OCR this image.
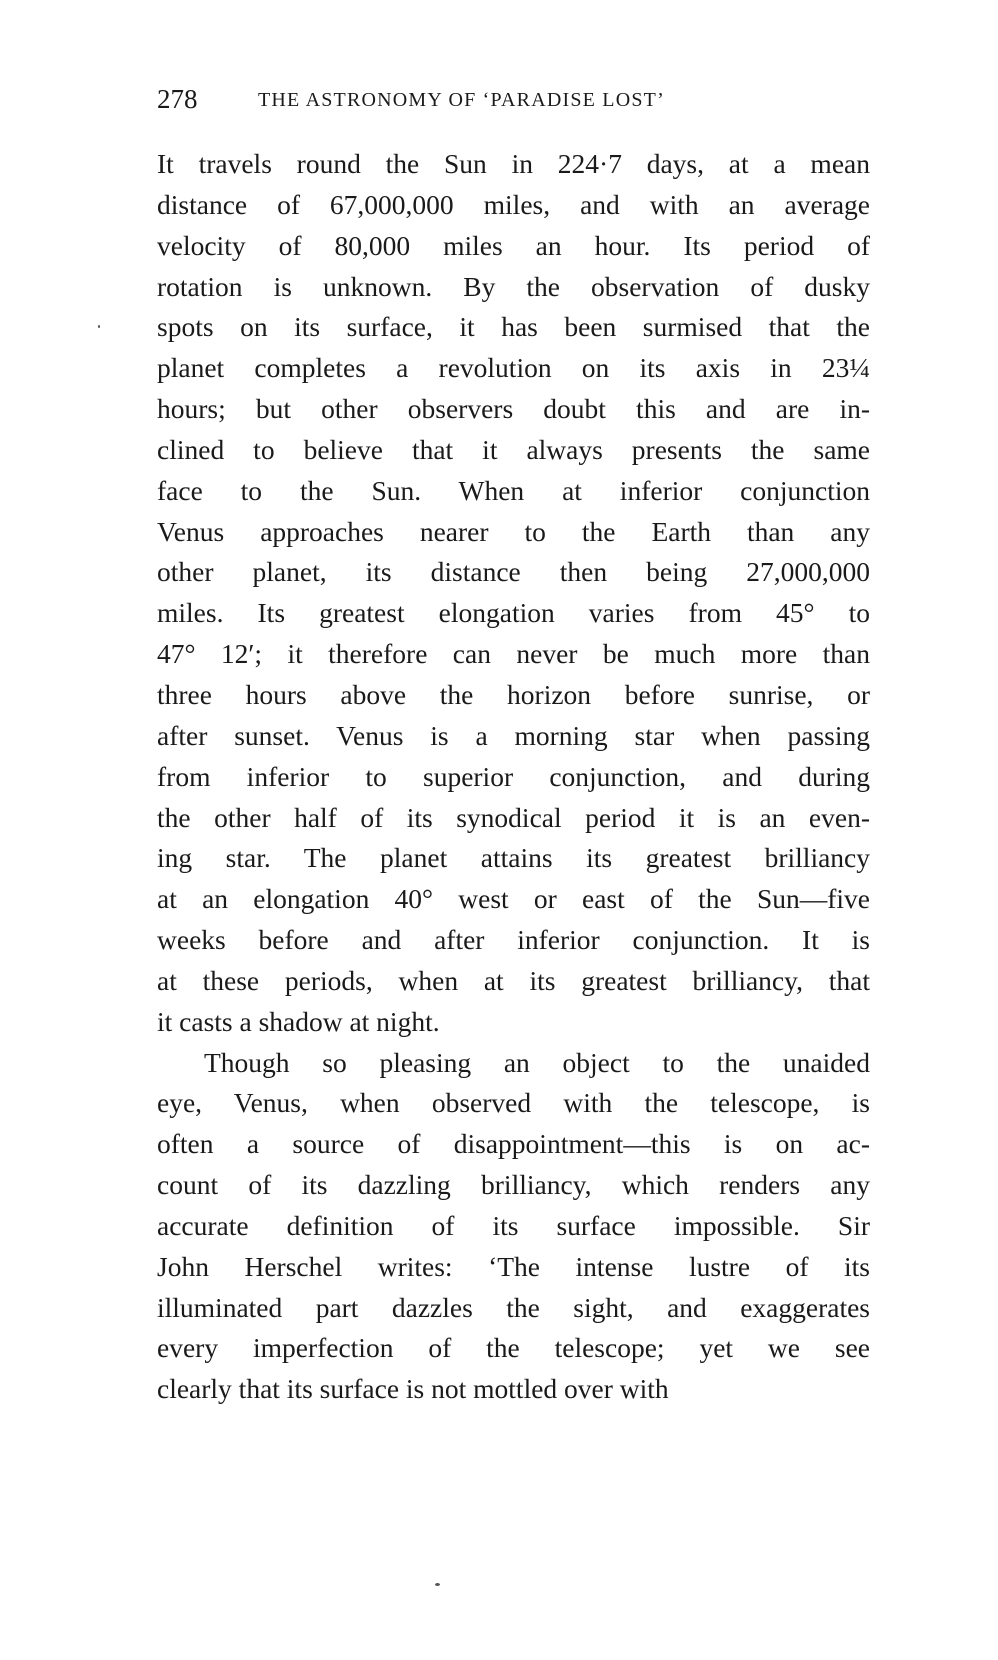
278	THE ASTRONOMY OF ‘PARADISE LOST’
It travels round the Sun in 224·7 days, at a mean
distance of 67,000,000 miles, and with an average
velocity of 80,000 miles an hour. Its period of
rotation is unknown. By the observation of dusky
spots on its surface, it has been surmised that the
planet completes a revolution on its axis in 23¼
hours; but other observers doubt this and are in-
clined to believe that it always presents the same
face to the Sun. When at inferior conjunction
Venus approaches nearer to the Earth than any
other planet, its distance then being 27,000,000
miles. Its greatest elongation varies from 45° to
47° 12′; it therefore can never be much more than
three hours above the horizon before sunrise, or
after sunset. Venus is a morning star when passing
from inferior to superior conjunction, and during
the other half of its synodical period it is an even-
ing star. The planet attains its greatest brilliancy
at an elongation 40° west or east of the Sun—five
weeks before and after inferior conjunction. It is
at these periods, when at its greatest brilliancy, that
it casts a shadow at night.
Though so pleasing an object to the unaided
eye, Venus, when observed with the telescope, is
often a source of disappointment—this is on ac-
count of its dazzling brilliancy, which renders any
accurate definition of its surface impossible. Sir
John Herschel writes: ‘The intense lustre of its
illuminated part dazzles the sight, and exaggerates
every imperfection of the telescope; yet we see
clearly that its surface is not mottled over with
